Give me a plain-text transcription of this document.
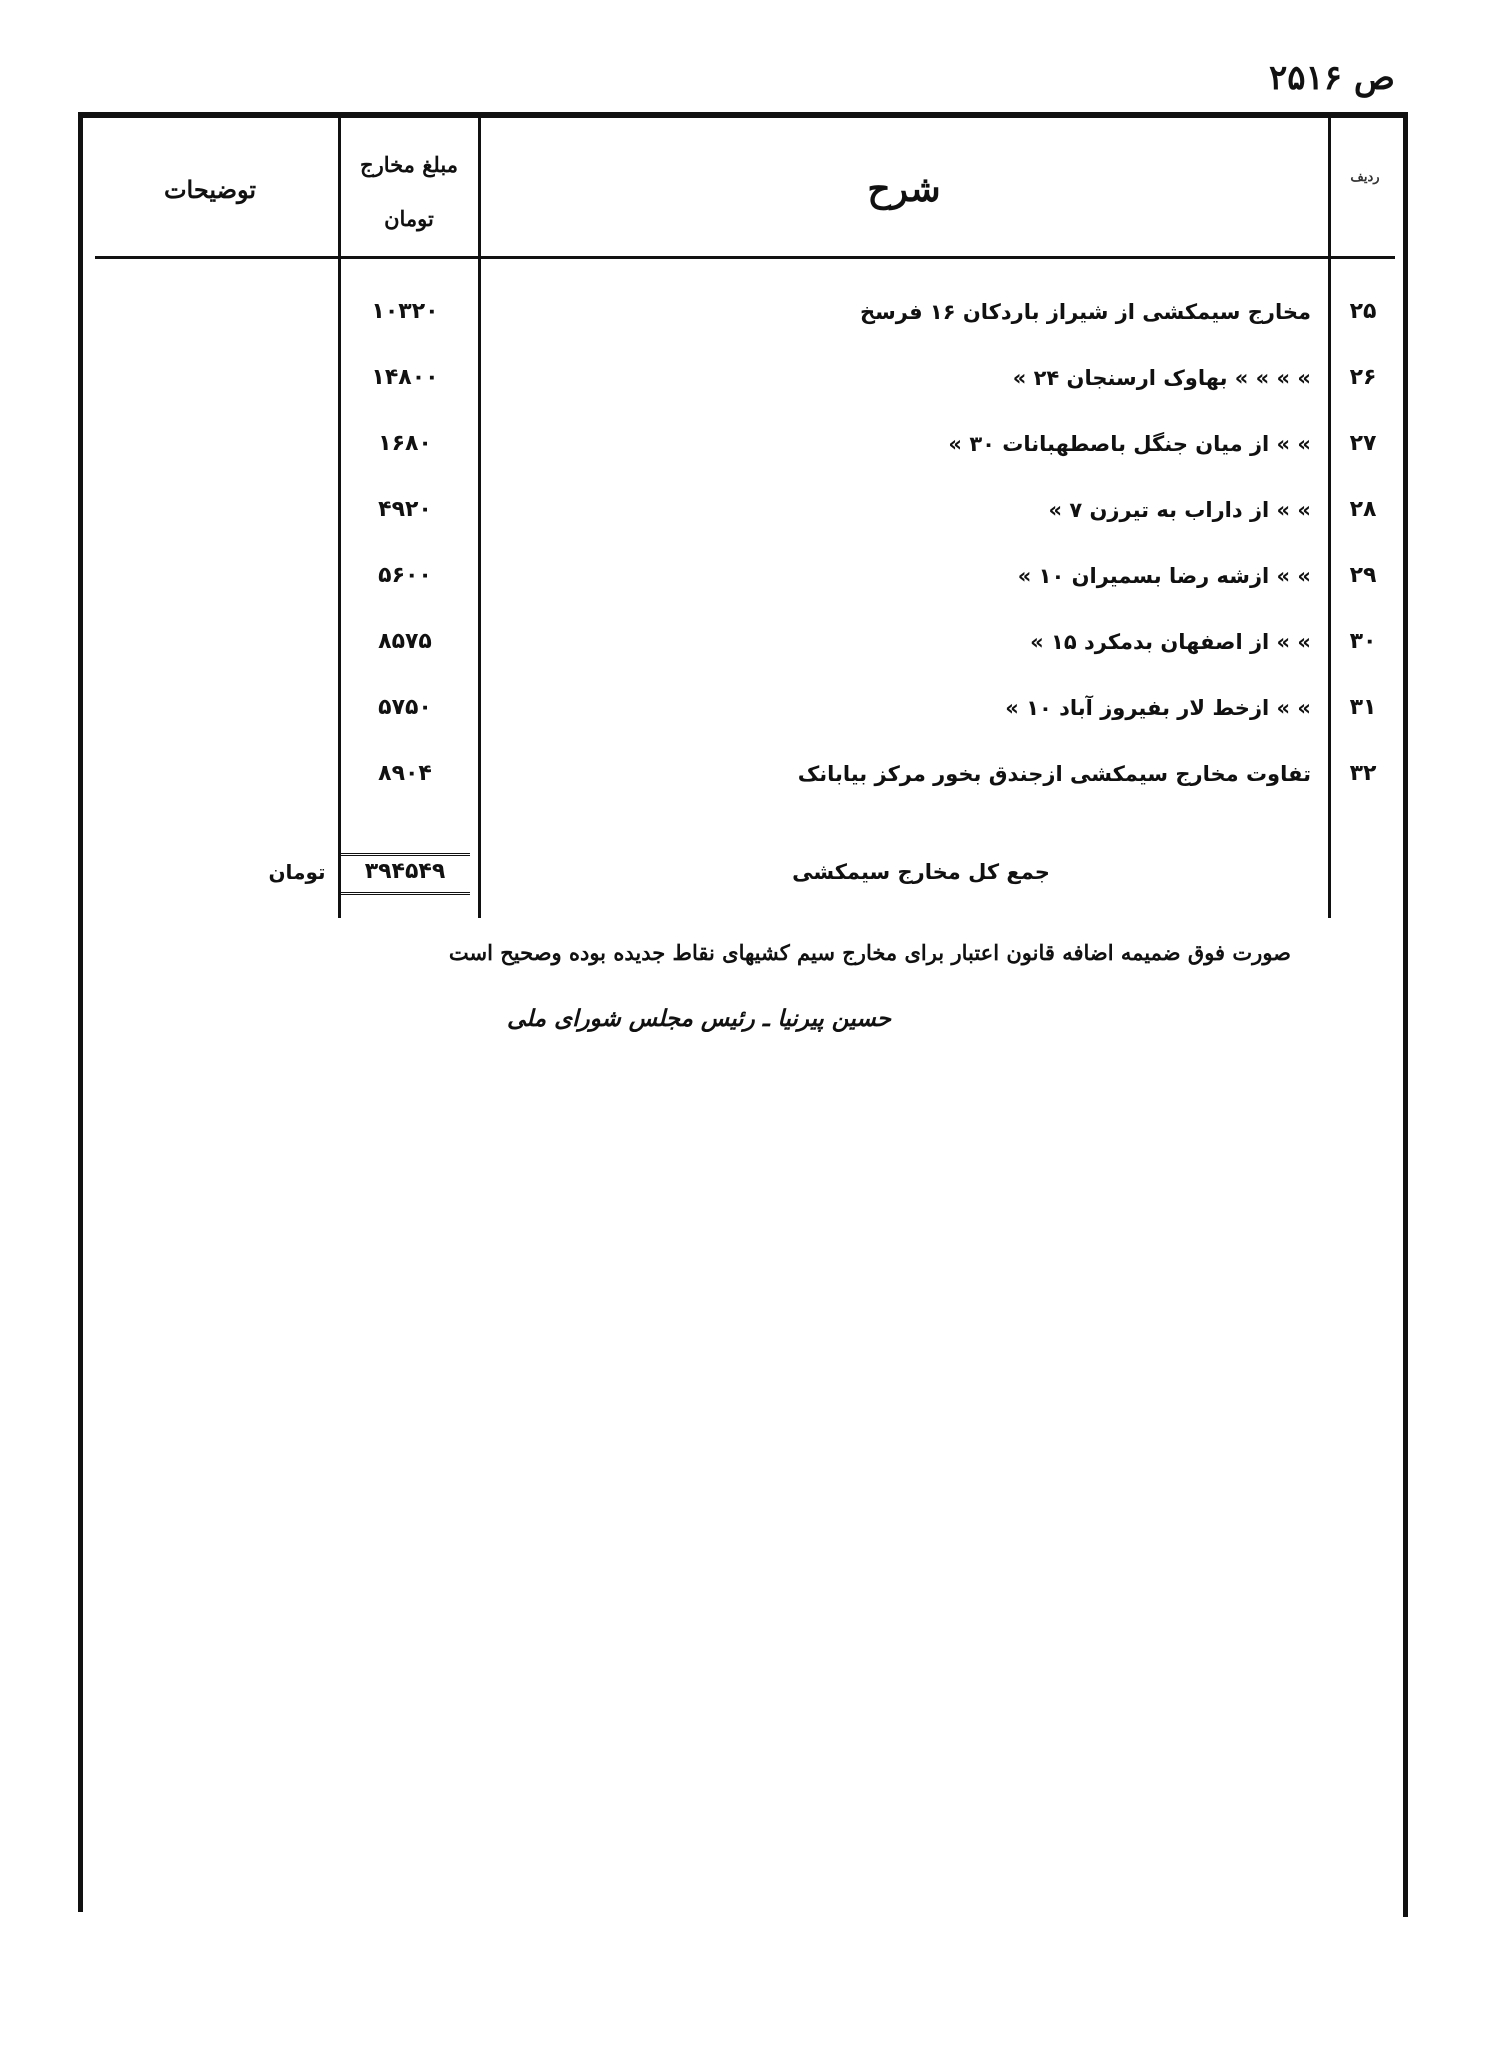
ص ۲۵۱۶
ردیف
شرح
مبلغ مخارج
تومان
توضیحات
۲۵
مخارج سیمکشی از شیراز باردکان ۱۶ فرسخ
۱۰۳۲۰
۲۶
» » » » بهاوک ارسنجان ۲۴ »
۱۴۸۰۰
۲۷
» » از میان جنگل باصطهبانات ۳۰ »
۱۶۸۰
۲۸
» » از داراب به تیرزن ۷ »
۴۹۲۰
۲۹
» » ازشه رضا بسمیران ۱۰ »
۵۶۰۰
۳۰
» » از اصفهان بدمکرد ۱۵ »
۸۵۷۵
۳۱
» » ازخط لار بفیروز آباد ۱۰ »
۵۷۵۰
۳۲
تفاوت مخارج سیمکشی ازجندق بخور مرکز بیابانک
۸۹۰۴
جمع کل مخارج سیمکشی
۳۹۴۵۴۹
تومان
صورت فوق ضمیمه اضافه قانون اعتبار برای مخارج سیم کشیهای نقاط جدیده بوده وصحیح است
حسین پیرنیا ـ رئیس مجلس شورای ملی
